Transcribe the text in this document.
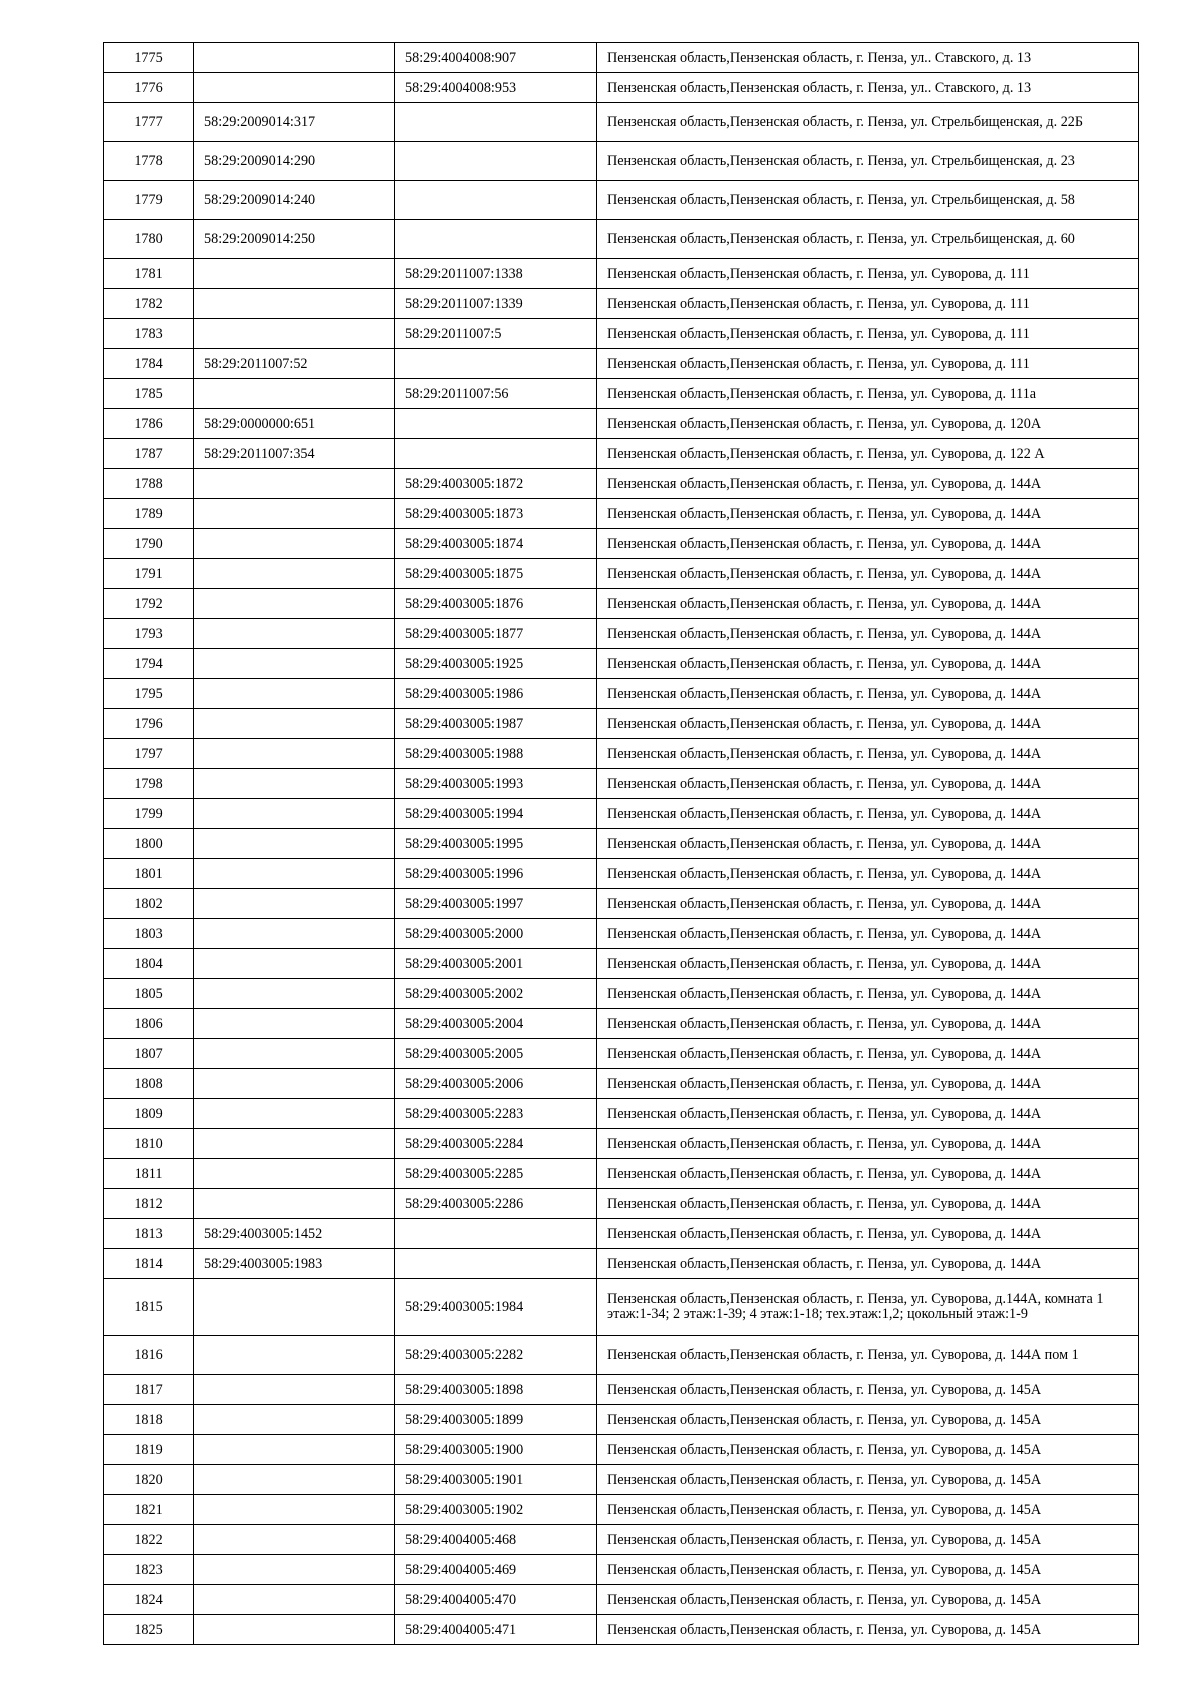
1775		58:29:4004008:907	Пензенская область,Пензенская область, г. Пенза, ул.. Ставского, д. 13
1776		58:29:4004008:953	Пензенская область,Пензенская область, г. Пенза, ул.. Ставского, д. 13
1777	58:29:2009014:317		Пензенская область,Пензенская область, г. Пенза, ул. Стрельбищенская, д. 22Б
1778	58:29:2009014:290		Пензенская область,Пензенская область, г. Пенза, ул. Стрельбищенская, д. 23
1779	58:29:2009014:240		Пензенская область,Пензенская область, г. Пенза, ул. Стрельбищенская, д. 58
1780	58:29:2009014:250		Пензенская область,Пензенская область, г. Пенза, ул. Стрельбищенская, д. 60
1781		58:29:2011007:1338	Пензенская область,Пензенская область, г. Пенза, ул. Суворова, д. 111
1782		58:29:2011007:1339	Пензенская область,Пензенская область, г. Пенза, ул. Суворова, д. 111
1783		58:29:2011007:5	Пензенская область,Пензенская область, г. Пенза, ул. Суворова, д. 111
1784	58:29:2011007:52		Пензенская область,Пензенская область, г. Пенза, ул. Суворова, д. 111
1785		58:29:2011007:56	Пензенская область,Пензенская область, г. Пенза, ул. Суворова, д. 111а
1786	58:29:0000000:651		Пензенская область,Пензенская область, г. Пенза, ул. Суворова, д. 120А
1787	58:29:2011007:354		Пензенская область,Пензенская область, г. Пенза, ул. Суворова, д. 122 А
1788		58:29:4003005:1872	Пензенская область,Пензенская область, г. Пенза, ул. Суворова, д. 144А
1789		58:29:4003005:1873	Пензенская область,Пензенская область, г. Пенза, ул. Суворова, д. 144А
1790		58:29:4003005:1874	Пензенская область,Пензенская область, г. Пенза, ул. Суворова, д. 144А
1791		58:29:4003005:1875	Пензенская область,Пензенская область, г. Пенза, ул. Суворова, д. 144А
1792		58:29:4003005:1876	Пензенская область,Пензенская область, г. Пенза, ул. Суворова, д. 144А
1793		58:29:4003005:1877	Пензенская область,Пензенская область, г. Пенза, ул. Суворова, д. 144А
1794		58:29:4003005:1925	Пензенская область,Пензенская область, г. Пенза, ул. Суворова, д. 144А
1795		58:29:4003005:1986	Пензенская область,Пензенская область, г. Пенза, ул. Суворова, д. 144А
1796		58:29:4003005:1987	Пензенская область,Пензенская область, г. Пенза, ул. Суворова, д. 144А
1797		58:29:4003005:1988	Пензенская область,Пензенская область, г. Пенза, ул. Суворова, д. 144А
1798		58:29:4003005:1993	Пензенская область,Пензенская область, г. Пенза, ул. Суворова, д. 144А
1799		58:29:4003005:1994	Пензенская область,Пензенская область, г. Пенза, ул. Суворова, д. 144А
1800		58:29:4003005:1995	Пензенская область,Пензенская область, г. Пенза, ул. Суворова, д. 144А
1801		58:29:4003005:1996	Пензенская область,Пензенская область, г. Пенза, ул. Суворова, д. 144А
1802		58:29:4003005:1997	Пензенская область,Пензенская область, г. Пенза, ул. Суворова, д. 144А
1803		58:29:4003005:2000	Пензенская область,Пензенская область, г. Пенза, ул. Суворова, д. 144А
1804		58:29:4003005:2001	Пензенская область,Пензенская область, г. Пенза, ул. Суворова, д. 144А
1805		58:29:4003005:2002	Пензенская область,Пензенская область, г. Пенза, ул. Суворова, д. 144А
1806		58:29:4003005:2004	Пензенская область,Пензенская область, г. Пенза, ул. Суворова, д. 144А
1807		58:29:4003005:2005	Пензенская область,Пензенская область, г. Пенза, ул. Суворова, д. 144А
1808		58:29:4003005:2006	Пензенская область,Пензенская область, г. Пенза, ул. Суворова, д. 144А
1809		58:29:4003005:2283	Пензенская область,Пензенская область, г. Пенза, ул. Суворова, д. 144А
1810		58:29:4003005:2284	Пензенская область,Пензенская область, г. Пенза, ул. Суворова, д. 144А
1811		58:29:4003005:2285	Пензенская область,Пензенская область, г. Пенза, ул. Суворова, д. 144А
1812		58:29:4003005:2286	Пензенская область,Пензенская область, г. Пенза, ул. Суворова, д. 144А
1813	58:29:4003005:1452		Пензенская область,Пензенская область, г. Пенза, ул. Суворова, д. 144А
1814	58:29:4003005:1983		Пензенская область,Пензенская область, г. Пенза, ул. Суворова, д. 144А
1815		58:29:4003005:1984	Пензенская область,Пензенская область, г. Пенза, ул. Суворова, д.144А, комната 1 этаж:1-34; 2 этаж:1-39; 4 этаж:1-18; тех.этаж:1,2; цокольный этаж:1-9
1816		58:29:4003005:2282	Пензенская область,Пензенская область, г. Пенза, ул. Суворова, д. 144А пом 1
1817		58:29:4003005:1898	Пензенская область,Пензенская область, г. Пенза, ул. Суворова, д. 145А
1818		58:29:4003005:1899	Пензенская область,Пензенская область, г. Пенза, ул. Суворова, д. 145А
1819		58:29:4003005:1900	Пензенская область,Пензенская область, г. Пенза, ул. Суворова, д. 145А
1820		58:29:4003005:1901	Пензенская область,Пензенская область, г. Пенза, ул. Суворова, д. 145А
1821		58:29:4003005:1902	Пензенская область,Пензенская область, г. Пенза, ул. Суворова, д. 145А
1822		58:29:4004005:468	Пензенская область,Пензенская область, г. Пенза, ул. Суворова, д. 145А
1823		58:29:4004005:469	Пензенская область,Пензенская область, г. Пенза, ул. Суворова, д. 145А
1824		58:29:4004005:470	Пензенская область,Пензенская область, г. Пенза, ул. Суворова, д. 145А
1825		58:29:4004005:471	Пензенская область,Пензенская область, г. Пенза, ул. Суворова, д. 145А
